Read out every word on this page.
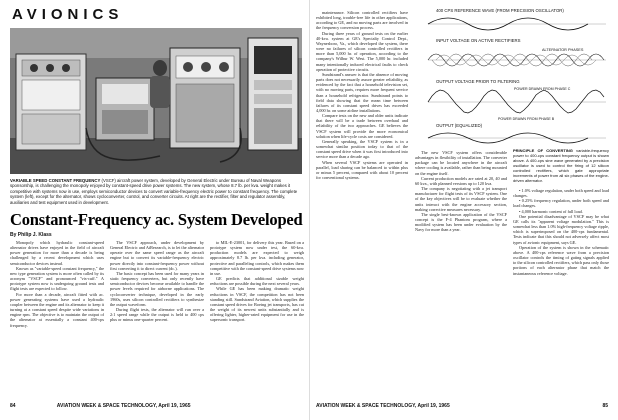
AVIONICS
VARIABLE SPEED CONSTANT FREQUENCY (VSCF) aircraft power system, developed by General Electric under Bureau of Naval Weapons sponsorship, is challenging the monopoly enjoyed by constant-speed drive power systems. The new system, whose 8.7 lb. per kva. weight makes it competitive with systems now in use, employs semiconductor devices to convert variable-frequency electric power to constant frequency. The complete system (left), except for the alternator, shows cycloconverter, control, and converter circuits. At right are the rectifier, filter and regulator assembly, auxiliaries and test equipment used in development.
Constant-Frequency ac. System Developed
By Philip J. Klass

Monopoly which hydraulic constant-speed alternator drives have enjoyed in the field of aircraft power generation for more than a decade is being challenged by a recent development which uses semiconductor devices instead.

Known as "variable-speed constant frequency," the new type generation system is more often called by its acronym "VSCF" and pronounced "vis-cuff." A prototype system now is undergoing ground tests and flight tests are expected to follow.

For more than a decade, aircraft fitted with ac. power generating systems have used a hydraulic coupler between the engine and its alternator to keep it turning at a constant speed despite wide variations in engine rpm. The objective is to maintain the output of the alternator at essentially a constant 400-cps frequency.

The VSCF approach, under development by General Electric and AiResearch, is to let the alternator operate over the same speed range as the aircraft engine but to convert its variable-frequency electric power directly into constant-frequency power without first converting it to direct current (dc.).

The basic concept has been used for many years in static frequency converters, but only recently have semiconductor devices become available to handle the power levels required for airborne applications. The cycloconverter technique, developed in the early 1960s, uses silicon controlled rectifiers to synthesize the output waveform.

During flight tests, the alternator will run over a 2:1 speed range while the output is held to 400 cps plus or minus one-quarter percent.

to MIL-E-23001, for delivery this year. Based on a prototype system now under test, the 60-kva. production models are expected to weigh approximately 8.7 lb. per kva. including generator, protective and paralleling controls, which makes them competitive with the constant-speed drive systems now in use.

GE predicts that additional sizable weight reductions are possible during the next several years.

While GE has been making dramatic weight reductions in VSCF, the competition has not been standing still. Sundstrand Aviation, which supplies the constant speed drives for Boeing jet transports, has cut the weight of its newest units substantially and is offering lighter, higher-rated equipment for use in the supersonic transport.

maintenance. Silicon controlled rectifiers have exhibited long, trouble-free life in other applications, according to GE, and no moving parts are involved in the frequency conversion process.

During three years of ground tests on the earlier 40-kva. system at GE's Specialty Control Dept., Waynesboro, Va., which developed the system, there were no failures of silicon controlled rectifiers in more than 5,000 hr. of operation, according to the company's Wilbur W. West. The 5,000 hr. included many intentionally induced electrical faults to check operation of protective circuits.

Sundstrand's answer is that the absence of moving parts does not necessarily assure greater reliability, as evidenced by the fact that a household television set, with no moving parts, requires more frequent service than a household refrigerator. Sundstrand points to field data showing that the mean time between failures of its constant speed drives has exceeded 4,000 hr. on some airline installations.

Compare tests on the new and older units indicate that there will be a trade between overhaul and reliability of the two approaches. GE believes the VSCF system will provide the more economical solution when life-cycle costs are considered.

Generally speaking, the VSCF system is in a somewhat similar position today to that of the constant speed drive when it was first introduced into service more than a decade ago.

When several VSCF systems are operated in parallel, load sharing can be balanced to within plus or minus 5 percent, compared with about 10 percent for conventional systems.

400 CPS REFERENCE WAVE (FROM PRECISION OSCILLATOR)
INPUT VOLTAGE ON ACTIVE RECTIFIERS
ALTERNATOR PHASES
OUTPUT VOLTAGE PRIOR TO FILTERING
POWER DRAWN FROM PHASE C
POWER DRAWN FROM PHASE B
OUTPUT (EQUALIZED)
PRINCIPLE OF CONVERTING variable-frequency power to 400-cps constant frequency output is shown above. A 400-cps sine wave generated by a precision oscillator is used to control the firing of 12 silicon controlled rectifiers, which gate appropriate increments of power from all six phases of the engine-driven alternator.

The new VSCF system offers considerable advantages in flexibility of installation. The converter package can be located anywhere in the aircraft where cooling is available, rather than being mounted on the engine itself.

Current production models are rated at 20, 40 and 60 kva., with planned versions up to 120 kva.

The company is negotiating with a jet transport manufacturer for flight tests of its VSCF system. One of the key objectives will be to evaluate whether the units interact with the engine accessory section, making corrective measures necessary.

The single best-known application of the VSCF concept is the F-4 Phantom program, where a modified system has been under evaluation by the Navy for more than a year.

• 1.0% voltage regulation, under both speed and load changes.

• 0.25% frequency regulation, under both speed and load changes.

• 4,000 harmonic content of full load.

One potential disadvantage of VSCF may be what GE calls its "apparent voltage modulation." This is somewhat less than 1.0% high-frequency voltage ripple, which is superimposed on the 400-cps fundamental. Tests indicate that this should not adversely affect most types of avionic equipment, says GE.

Operation of the system is shown in the schematic above. A 400-cps reference wave from a precision oscillator controls the timing of gating signals applied to the silicon controlled rectifiers, which pass only those portions of each alternator phase that match the instantaneous reference voltage.

84	AVIATION WEEK & SPACE TECHNOLOGY, April 19, 1965	AVIATION WEEK & SPACE TECHNOLOGY, April 19, 1965	85
